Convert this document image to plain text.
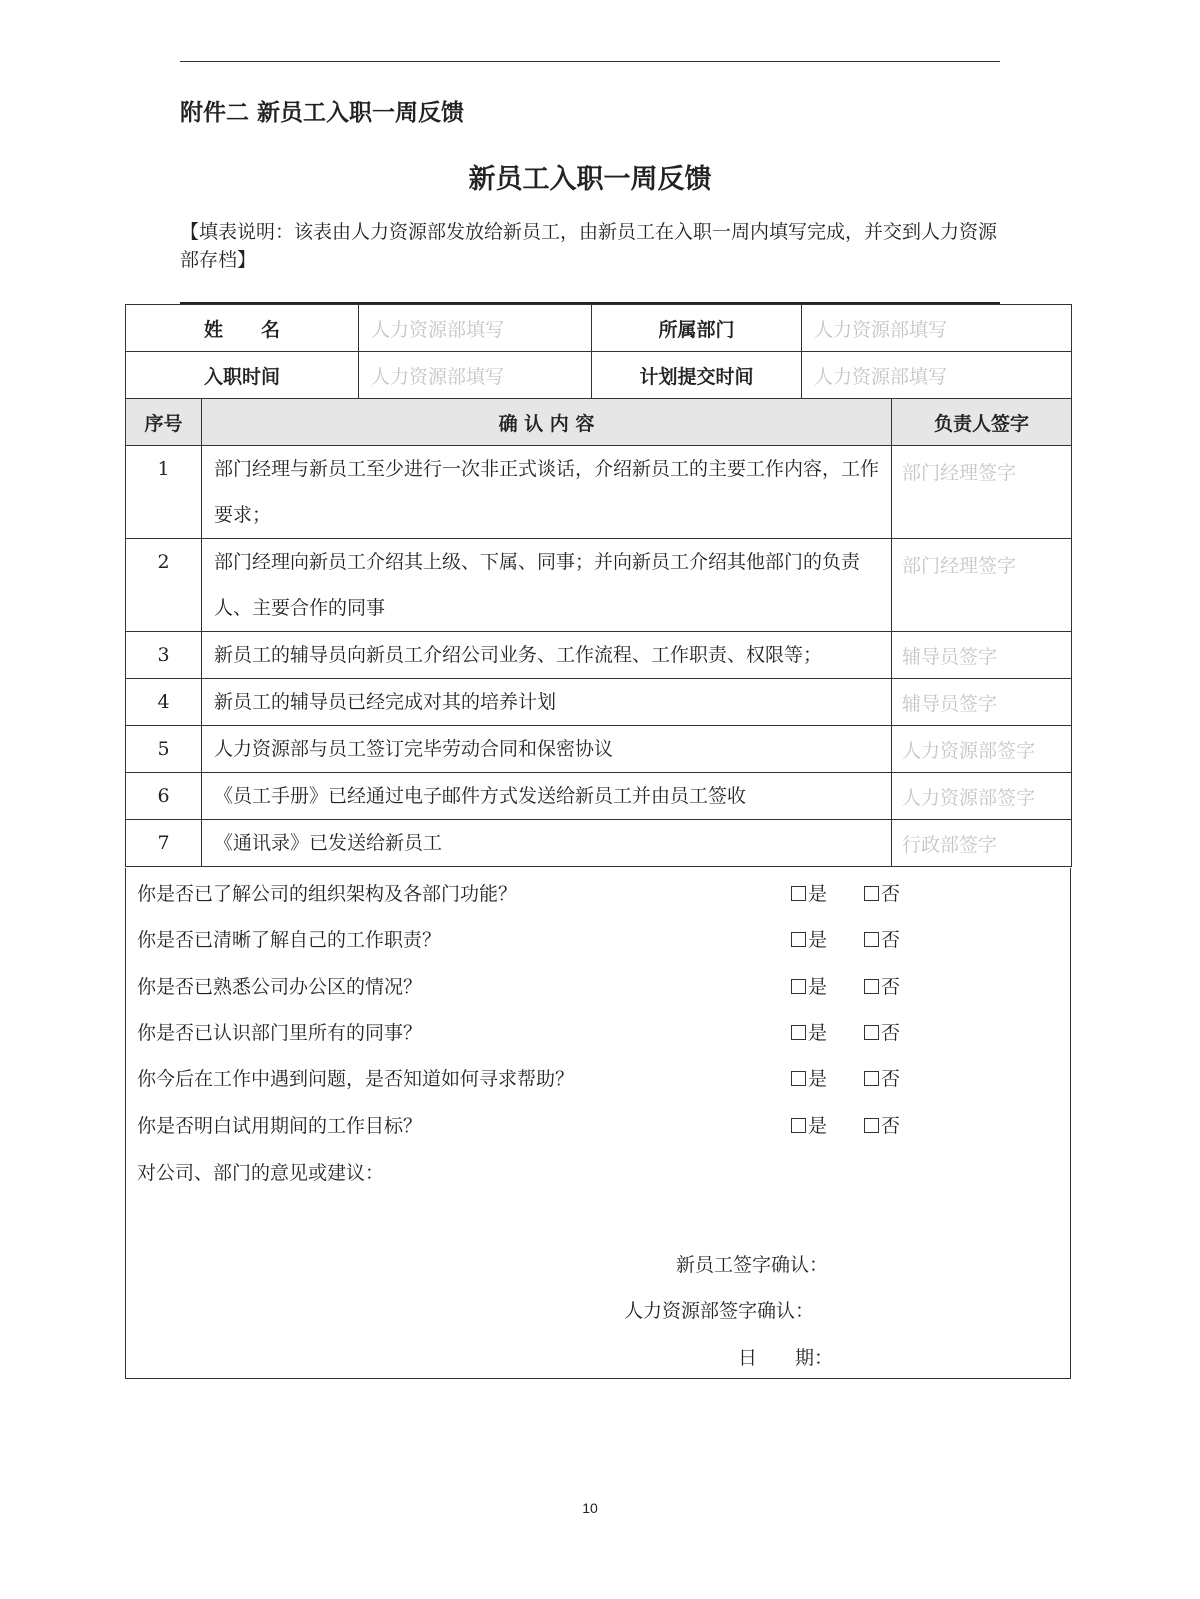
附件二 新员工入职一周反馈
新员工入职一周反馈
【填表说明：该表由人力资源部发放给新员工，由新员工在入职一周内填写完成，并交到人力资源部存档】
姓　　名		人力资源部填写	所属部门	人力资源部填写	
入职时间		人力资源部填写	计划提交时间	人力资源部填写	
序号	确 认 内 容				负责人签字
1	部门经理与新员工至少进行一次非正式谈话，介绍新员工的主要工作内容，工作要求；				部门经理签字
2	部门经理向新员工介绍其上级、下属、同事；并向新员工介绍其他部门的负责人、主要合作的同事				部门经理签字
3	新员工的辅导员向新员工介绍公司业务、工作流程、工作职责、权限等；				辅导员签字
4	新员工的辅导员已经完成对其的培养计划				辅导员签字
5	人力资源部与员工签订完毕劳动合同和保密协议				人力资源部签字
6	《员工手册》已经通过电子邮件方式发送给新员工并由员工签收				人力资源部签字
7	《通讯录》已发送给新员工				行政部签字
你是否已了解公司的组织架构及各部门功能？	是	否
你是否已清晰了解自己的工作职责？	是	否
你是否已熟悉公司办公区的情况？	是	否
你是否已认识部门里所有的同事？	是	否
你今后在工作中遇到问题，是否知道如何寻求帮助？	是	否
你是否明白试用期间的工作目标？	是	否
对公司、部门的意见或建议：
新员工签字确认：
人力资源部签字确认：
日　　期：
10
